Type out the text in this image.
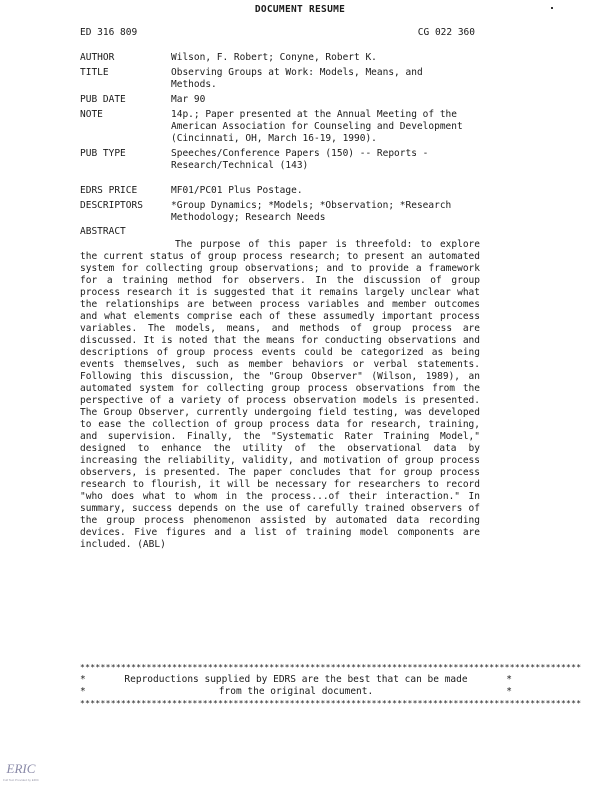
DOCUMENT RESUME
ED 316 809	CG 022 360
AUTHOR	Wilson, F. Robert; Conyne, Robert K.
TITLE	Observing Groups at Work: Models, Means, and
Methods.
PUB DATE	Mar 90
NOTE	14p.; Paper presented at the Annual Meeting of the
American Association for Counseling and Development
(Cincinnati, OH, March 16-19, 1990).
PUB TYPE	Speeches/Conference Papers (150) -- Reports -
Research/Technical (143)
EDRS PRICE	MF01/PC01 Plus Postage.
DESCRIPTORS	*Group Dynamics; *Models; *Observation; *Research
Methodology; Research Needs
ABSTRACT

The purpose of this paper is threefold: to explore the current status of group process research; to present an automated system for collecting group observations; and to provide a framework for a training method for observers. In the discussion of group process research it is suggested that it remains largely unclear what the relationships are between process variables and member outcomes and what elements comprise each of these assumedly important process variables. The models, means, and methods of group process are discussed. It is noted that the means for conducting observations and descriptions of group process events could be categorized as being events themselves, such as member behaviors or verbal statements. Following this discussion, the "Group Observer" (Wilson, 1989), an automated system for collecting group process observations from the perspective of a variety of process observation models is presented. The Group Observer, currently undergoing field testing, was developed to ease the collection of group process data for research, training, and supervision. Finally, the "Systematic Rater Training Model," designed to enhance the utility of the observational data by increasing the reliability, validity, and motivation of group process observers, is presented. The paper concludes that for group process research to flourish, it will be necessary for researchers to record "who does what to whom in the process...of their interaction." In summary, success depends on the use of carefully trained observers of the group process phenomenon assisted by automated data recording devices. Five figures and a list of training model components are included. (ABL)

**************************************************************************************************
*	Reproductions supplied by EDRS are the best that can be made	*
*	from the original document.	*
**************************************************************************************************
ERIC
Full Text Provided by ERIC
